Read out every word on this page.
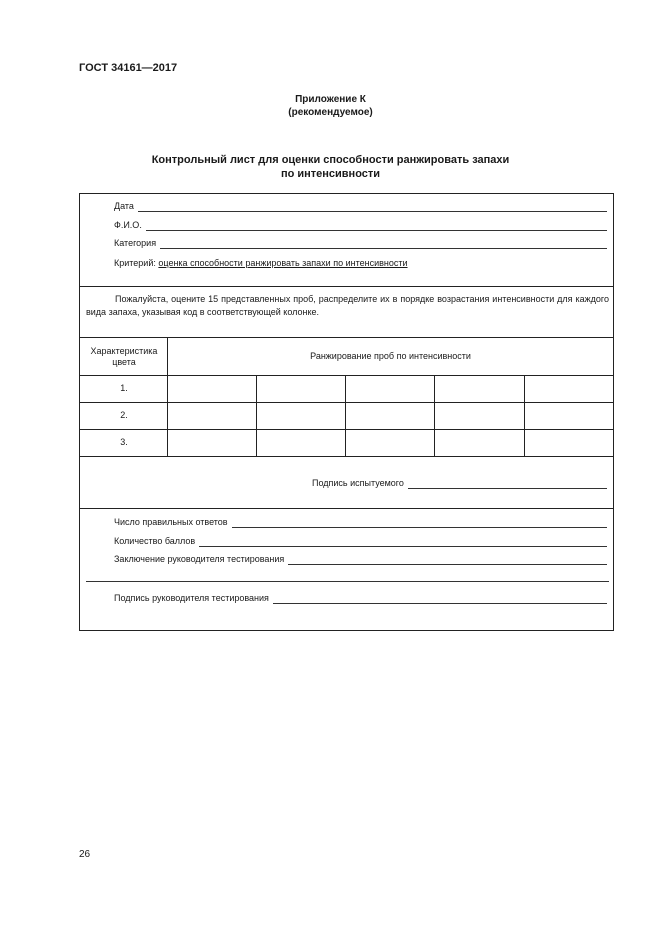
ГОСТ 34161—2017
Приложение К
(рекомендуемое)
Контрольный лист для оценки способности ранжировать запахи
по интенсивности
Дата
Ф.И.О.
Категория
Критерий: оценка способности ранжировать запахи по интенсивности
Пожалуйста, оцените 15 представленных проб, распределите их в порядке возрастания интенсивности для каждого вида запаха, указывая код в соответствующей колонке.
Характеристика цвета
Ранжирование проб по интенсивности
1.
2.
3.
Подпись испытуемого
Число правильных ответов
Количество баллов
Заключение руководителя тестирования
Подпись руководителя тестирования
26
